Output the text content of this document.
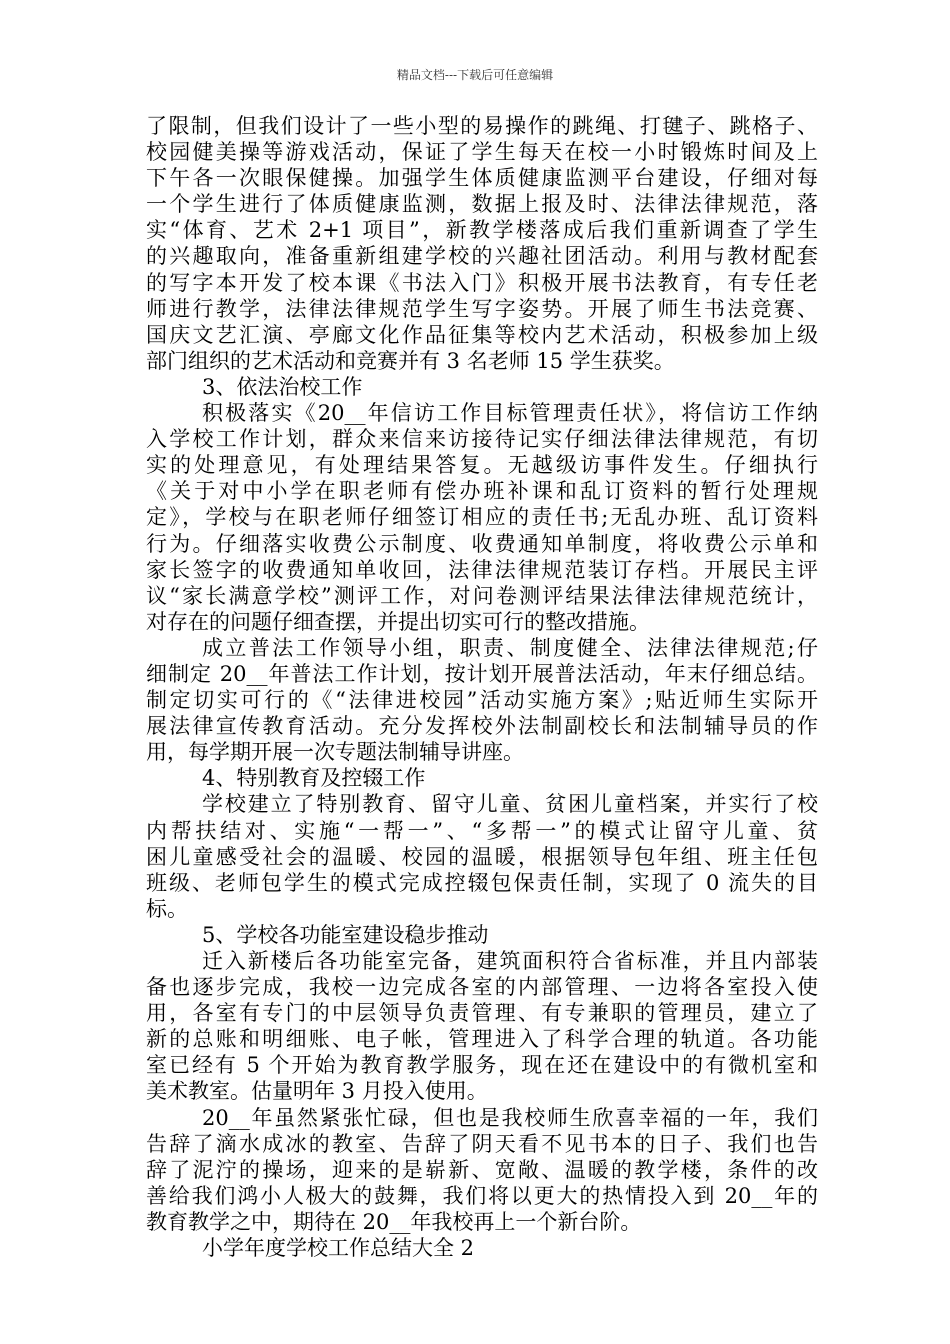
精品文档---下载后可任意编辑
了限制，但我们设计了一些小型的易操作的跳绳、打毽子、跳格子、
校园健美操等游戏活动，保证了学生每天在校一小时锻炼时间及上
下午各一次眼保健操。加强学生体质健康监测平台建设，仔细对每
一个学生进行了体质健康监测，数据上报及时、法律法律规范，落
实“体育、艺术 2+1 项目”，新教学楼落成后我们重新调查了学生
的兴趣取向，准备重新组建学校的兴趣社团活动。利用与教材配套
的写字本开发了校本课《书法入门》积极开展书法教育，有专任老
师进行教学，法律法律规范学生写字姿势。开展了师生书法竞赛、
国庆文艺汇演、亭廊文化作品征集等校内艺术活动，积极参加上级
部门组织的艺术活动和竞赛并有 3 名老师 15 学生获奖。
3、依法治校工作
积极落实《20__年信访工作目标管理责任状》，将信访工作纳
入学校工作计划，群众来信来访接待记实仔细法律法律规范，有切
实的处理意见，有处理结果答复。无越级访事件发生。仔细执行
《关于对中小学在职老师有偿办班补课和乱订资料的暂行处理规
定》，学校与在职老师仔细签订相应的责任书;无乱办班、乱订资料
行为。仔细落实收费公示制度、收费通知单制度，将收费公示单和
家长签字的收费通知单收回，法律法律规范装订存档。开展民主评
议“家长满意学校”测评工作，对问卷测评结果法律法律规范统计，
对存在的问题仔细查摆，并提出切实可行的整改措施。
成立普法工作领导小组，职责、制度健全、法律法律规范;仔
细制定 20__年普法工作计划，按计划开展普法活动，年末仔细总结。
制定切实可行的《“法律进校园”活动实施方案》;贴近师生实际开
展法律宣传教育活动。充分发挥校外法制副校长和法制辅导员的作
用，每学期开展一次专题法制辅导讲座。
4、特别教育及控辍工作
学校建立了特别教育、留守儿童、贫困儿童档案，并实行了校
内帮扶结对、实施“一帮一”、“多帮一”的模式让留守儿童、贫
困儿童感受社会的温暖、校园的温暖，根据领导包年组、班主任包
班级、老师包学生的模式完成控辍包保责任制，实现了 0 流失的目
标。
5、学校各功能室建设稳步推动
迁入新楼后各功能室完备，建筑面积符合省标准，并且内部装
备也逐步完成，我校一边完成各室的内部管理、一边将各室投入使
用，各室有专门的中层领导负责管理、有专兼职的管理员，建立了
新的总账和明细账、电子帐，管理进入了科学合理的轨道。各功能
室已经有 5 个开始为教育教学服务，现在还在建设中的有微机室和
美术教室。估量明年 3 月投入使用。
20__年虽然紧张忙碌，但也是我校师生欣喜幸福的一年，我们
告辞了滴水成冰的教室、告辞了阴天看不见书本的日子、我们也告
辞了泥泞的操场，迎来的是崭新、宽敞、温暖的教学楼，条件的改
善给我们鸿小人极大的鼓舞，我们将以更大的热情投入到 20__年的
教育教学之中，期待在 20__年我校再上一个新台阶。
小学年度学校工作总结大全 2
